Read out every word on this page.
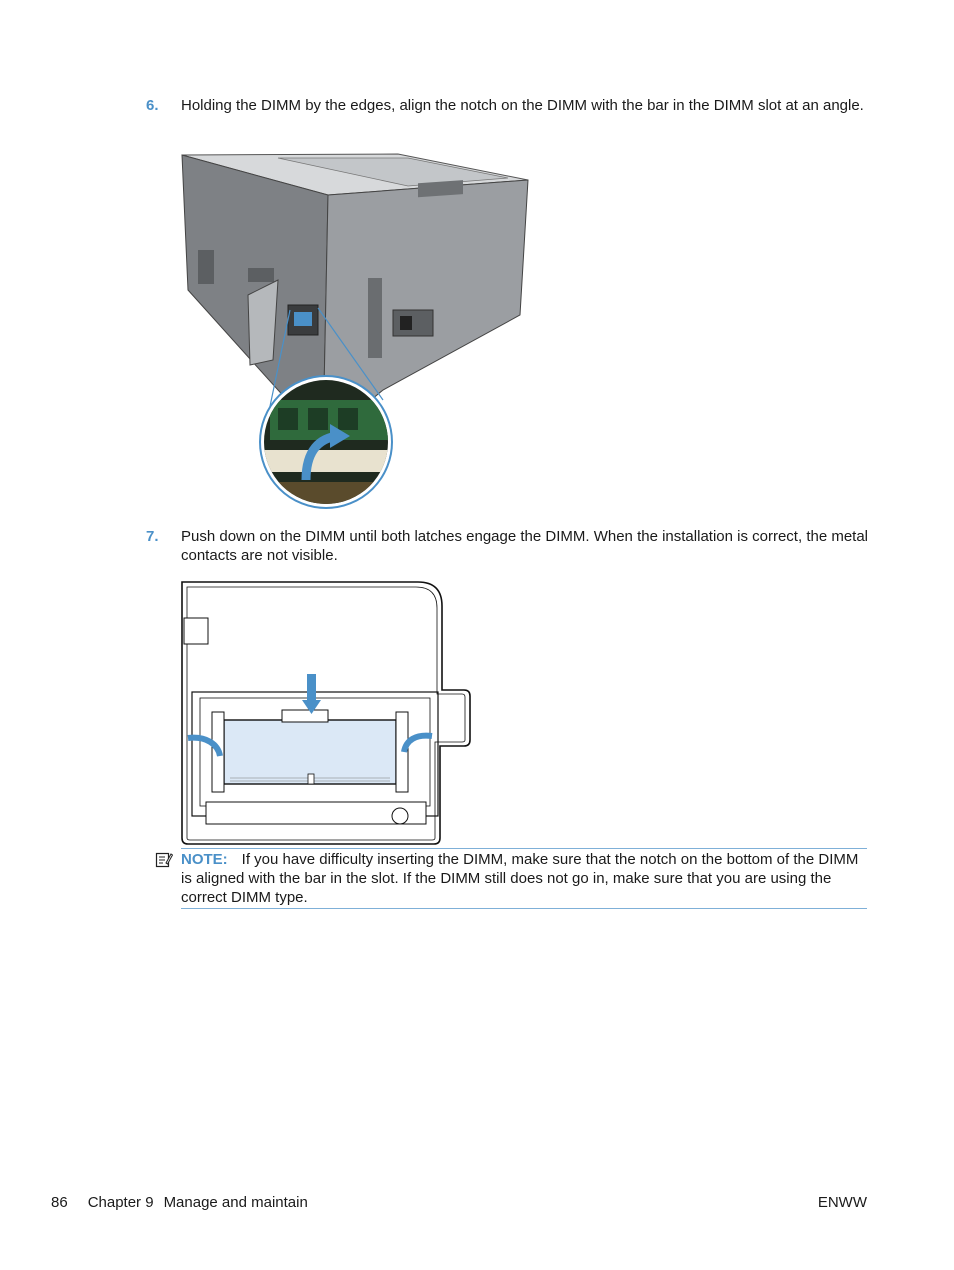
6. Holding the DIMM by the edges, align the notch on the DIMM with the bar in the DIMM slot at an angle.
7. Push down on the DIMM until both latches engage the DIMM. When the installation is correct, the metal contacts are not visible.
NOTE: If you have difficulty inserting the DIMM, make sure that the notch on the bottom of the DIMM is aligned with the bar in the slot. If the DIMM still does not go in, make sure that you are using the correct DIMM type.
86 Chapter 9 Manage and maintain	ENWW
